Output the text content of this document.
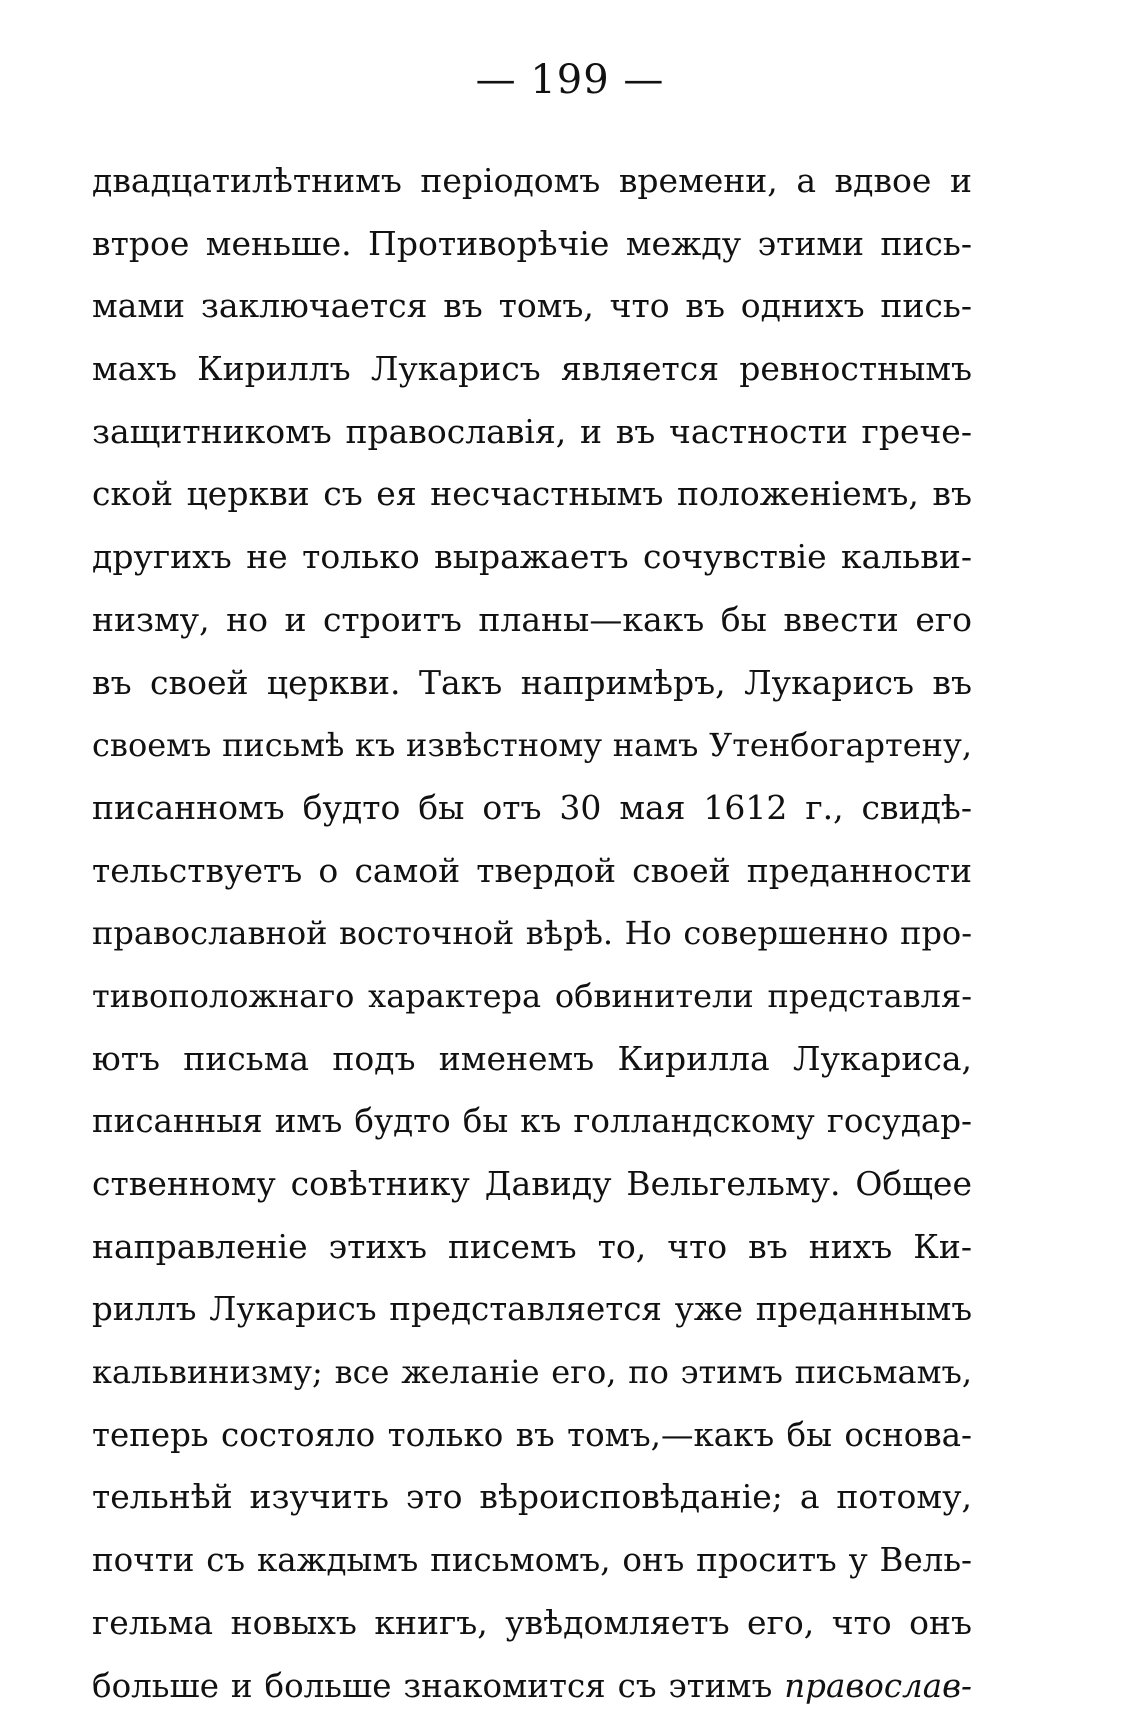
— 199 —
двадцатилѣтнимъ періодомъ времени, а вдвое и
втрое меньше. Противорѣчіе между этими пись-
мами заключается въ томъ, что въ однихъ пись-
махъ Кириллъ Лукарисъ является ревностнымъ
защитникомъ православія, и въ частности грече-
ской церкви съ ея несчастнымъ положеніемъ, въ
другихъ не только выражаетъ сочувствіе кальви-
низму, но и строитъ планы—какъ бы ввести его
въ своей церкви. Такъ напримѣръ, Лукарисъ въ
своемъ письмѣ къ извѣстному намъ Утенбогартену,
писанномъ будто бы отъ 30 мая 1612 г., свидѣ-
тельствуетъ о самой твердой своей преданности
православной восточной вѣрѣ. Но совершенно про-
тивоположнаго характера обвинители представля-
ютъ письма подъ именемъ Кирилла Лукариса,
писанныя имъ будто бы къ голландскому государ-
ственному совѣтнику Давиду Вельгельму. Общее
направленіе этихъ писемъ то, что въ нихъ Ки-
риллъ Лукарисъ представляется уже преданнымъ
кальвинизму; все желаніе его, по этимъ письмамъ,
теперь состояло только въ томъ,—какъ бы основа-
тельнѣй изучить это вѣроисповѣданіе; а потому,
почти съ каждымъ письмомъ, онъ проситъ у Вель-
гельма новыхъ книгъ, увѣдомляетъ его, что онъ
больше и больше знакомится съ этимъ православ-
